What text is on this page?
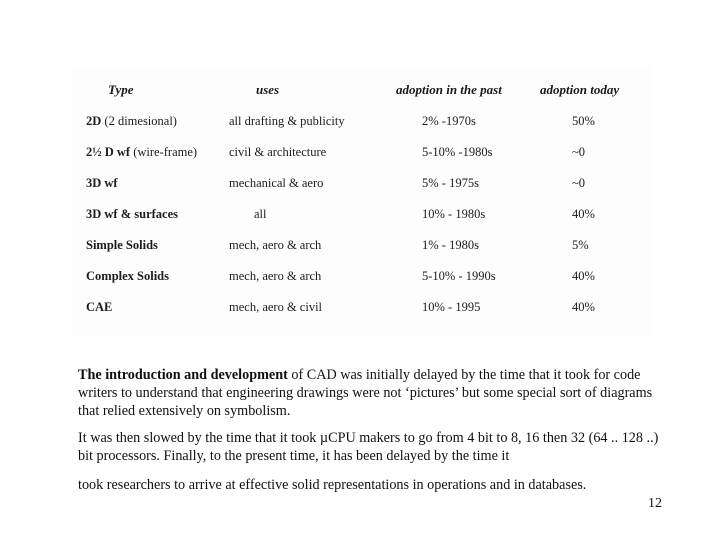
Type	uses	adoption in the past	adoption today
2D (2 dimesional)	all drafting & publicity	2% -1970s	50%
2½ D wf (wire-frame)	civil & architecture	5-10% -1980s	~0
3D wf	mechanical & aero	5% - 1975s	~0
3D wf & surfaces	all	10% - 1980s	40%
Simple Solids	mech, aero & arch	1% - 1980s	5%
Complex Solids	mech, aero & arch	5-10% - 1990s	40%
CAE	mech, aero & civil	10% - 1995	40%

The introduction and development of CAD was initially delayed by the time that it took for code writers to understand that engineering drawings were not ‘pictures’ but some special sort of diagrams that relied extensively on symbolism.

It was then slowed by the time that it took µCPU makers to go from 4 bit to 8, 16 then 32 (64 .. 128 ..) bit processors. Finally, to the present time, it has been delayed by the time it

took researchers to arrive at effective solid representations in operations and in databases.

12
